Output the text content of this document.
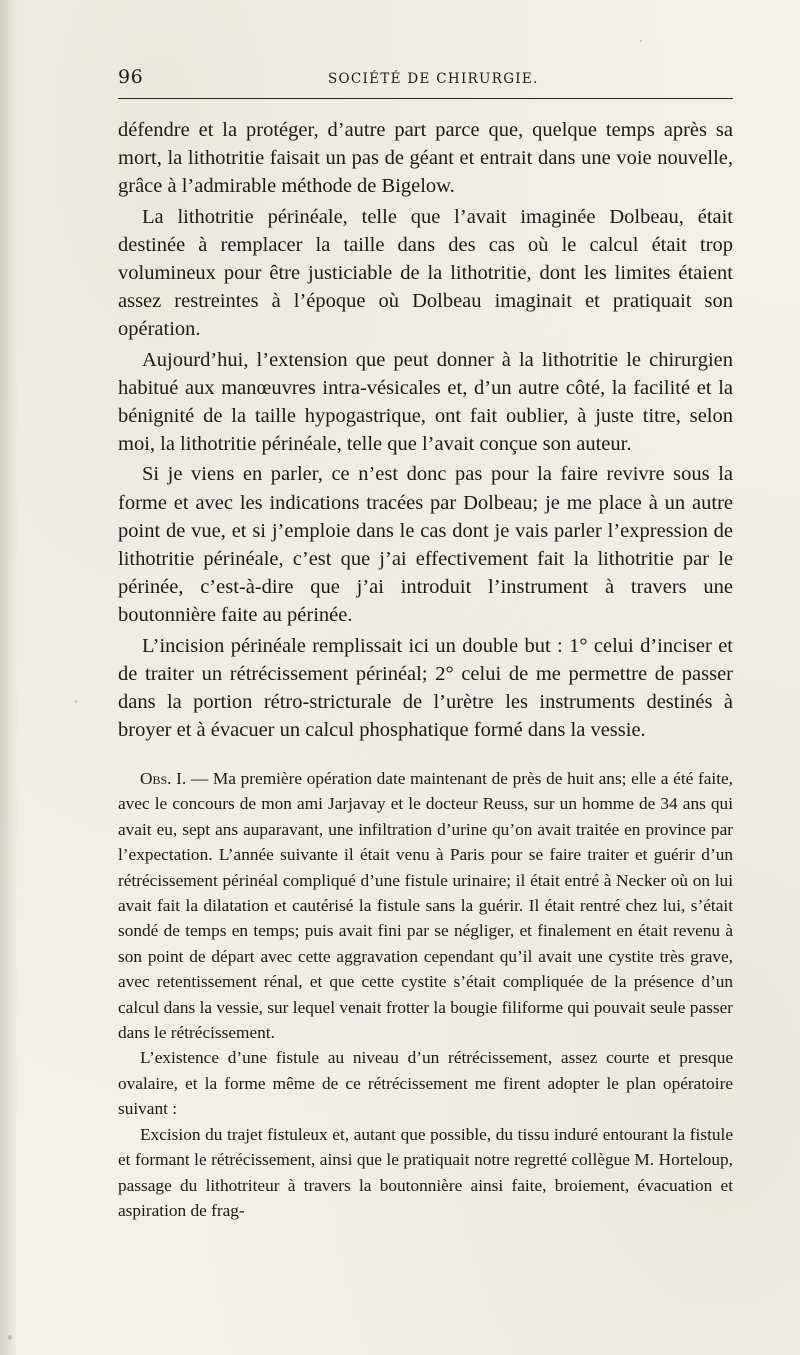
96	SOCIÉTÉ DE CHIRURGIE.

défendre et la protéger, d’autre part parce que, quelque temps après sa mort, la lithotritie faisait un pas de géant et entrait dans une voie nouvelle, grâce à l’admirable méthode de Bigelow.

La lithotritie périnéale, telle que l’avait imaginée Dolbeau, était destinée à remplacer la taille dans des cas où le calcul était trop volumineux pour être justiciable de la lithotritie, dont les limites étaient assez restreintes à l’époque où Dolbeau imaginait et pratiquait son opération.

Aujourd’hui, l’extension que peut donner à la lithotritie le chirurgien habitué aux manœuvres intra-vésicales et, d’un autre côté, la facilité et la bénignité de la taille hypogastrique, ont fait oublier, à juste titre, selon moi, la lithotritie périnéale, telle que l’avait conçue son auteur.

Si je viens en parler, ce n’est donc pas pour la faire revivre sous la forme et avec les indications tracées par Dolbeau; je me place à un autre point de vue, et si j’emploie dans le cas dont je vais parler l’expression de lithotritie périnéale, c’est que j’ai effectivement fait la lithotritie par le périnée, c’est-à-dire que j’ai introduit l’instrument à travers une boutonnière faite au périnée.

L’incision périnéale remplissait ici un double but : 1° celui d’inciser et de traiter un rétrécissement périnéal; 2° celui de me permettre de passer dans la portion rétro-stricturale de l’urètre les instruments destinés à broyer et à évacuer un calcul phosphatique formé dans la vessie.

Obs. I. — Ma première opération date maintenant de près de huit ans; elle a été faite, avec le concours de mon ami Jarjavay et le docteur Reuss, sur un homme de 34 ans qui avait eu, sept ans auparavant, une infiltration d’urine qu’on avait traitée en province par l’expectation. L’année suivante il était venu à Paris pour se faire traiter et guérir d’un rétrécissement périnéal compliqué d’une fistule urinaire; il était entré à Necker où on lui avait fait la dilatation et cautérisé la fistule sans la guérir. Il était rentré chez lui, s’était sondé de temps en temps; puis avait fini par se négliger, et finalement en était revenu à son point de départ avec cette aggravation cependant qu’il avait une cystite très grave, avec retentissement rénal, et que cette cystite s’était compliquée de la présence d’un calcul dans la vessie, sur lequel venait frotter la bougie filiforme qui pouvait seule passer dans le rétrécissement.

L’existence d’une fistule au niveau d’un rétrécissement, assez courte et presque ovalaire, et la forme même de ce rétrécissement me firent adopter le plan opératoire suivant :

Excision du trajet fistuleux et, autant que possible, du tissu induré entourant la fistule et formant le rétrécissement, ainsi que le pratiquait notre regretté collègue M. Horteloup, passage du lithotriteur à travers la boutonnière ainsi faite, broiement, évacuation et aspiration de frag-
